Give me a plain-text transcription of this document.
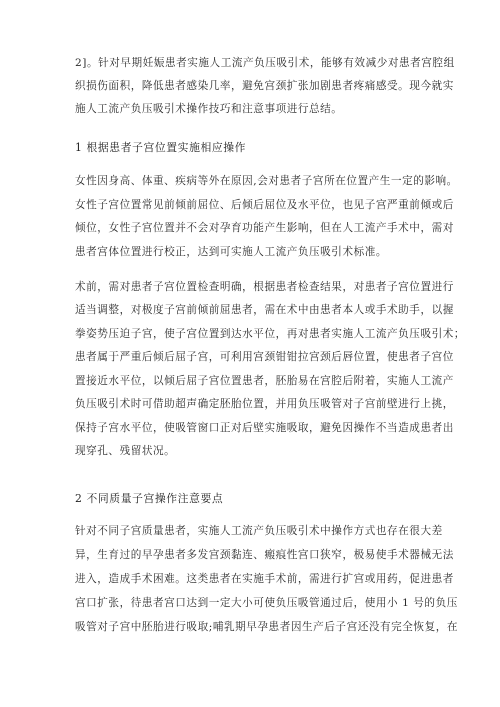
2]。针对早期妊娠患者实施人工流产负压吸引术，能够有效减少对患者宫腔组
织损伤面积，降低患者感染几率，避免宫颈扩张加剧患者疼痛感受。现今就实
施人工流产负压吸引术操作技巧和注意事项进行总结。
1 根据患者子宫位置实施相应操作
女性因身高、体重、疾病等外在原因,会对患者子宫所在位置产生一定的影响。
女性子宫位置常见前倾前屈位、后倾后屈位及水平位，也见子宫严重前倾或后
倾位，女性子宫位置并不会对孕育功能产生影响，但在人工流产手术中，需对
患者宫体位置进行校正，达到可实施人工流产负压吸引术标准。
术前，需对患者子宫位置检查明确，根据患者检查结果，对患者子宫位置进行
适当调整，对极度子宫前倾前屈患者，需在术中由患者本人或手术助手，以握
拳姿势压迫子宫，使子宫位置到达水平位，再对患者实施人工流产负压吸引术；
患者属于严重后倾后屈子宫，可利用宫颈钳钳拉宫颈后唇位置，使患者子宫位
置接近水平位，以倾后屈子宫位置患者，胚胎易在宫腔后附着，实施人工流产
负压吸引术时可借助超声确定胚胎位置，并用负压吸管对子宫前壁进行上挑，
保持子宫水平位，使吸管窗口正对后壁实施吸取，避免因操作不当造成患者出
现穿孔、残留状况。
2 不同质量子宫操作注意要点
针对不同子宫质量患者，实施人工流产负压吸引术中操作方式也存在很大差
异，生育过的早孕患者多发宫颈黏连、瘢痕性宫口狭窄，极易使手术器械无法
进入，造成手术困难。这类患者在实施手术前，需进行扩宫或用药，促进患者
宫口扩张，待患者宫口达到一定大小可使负压吸管通过后，使用小 1 号的负压
吸管对子宫中胚胎进行吸取;哺乳期早孕患者因生产后子宫还没有完全恢复，在
